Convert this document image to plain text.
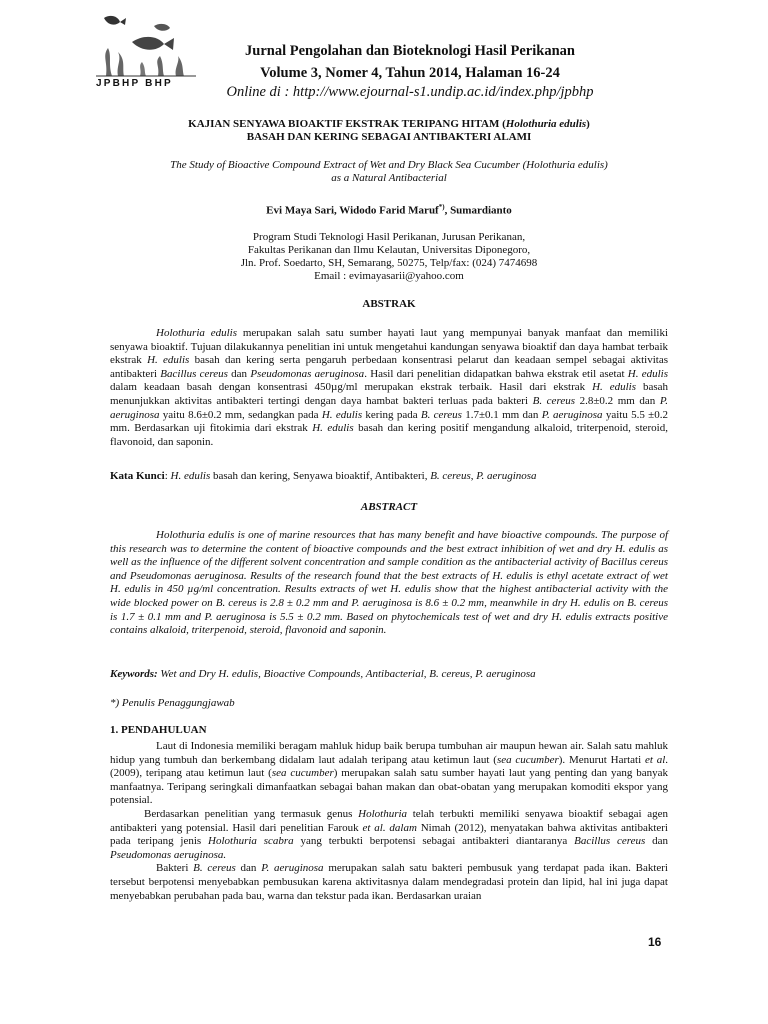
JPBHP BHP
Jurnal Pengolahan dan Bioteknologi Hasil Perikanan
Volume 3, Nomer 4, Tahun 2014, Halaman 16-24
Online di : http://www.ejournal-s1.undip.ac.id/index.php/jpbhp
KAJIAN SENYAWA BIOAKTIF EKSTRAK TERIPANG HITAM (Holothuria edulis)
BASAH DAN KERING SEBAGAI ANTIBAKTERI ALAMI
The Study of Bioactive Compound Extract of Wet and Dry Black Sea Cucumber (Holothuria edulis)
as a Natural Antibacterial
Evi Maya Sari, Widodo Farid Maruf*), Sumardianto
Program Studi Teknologi Hasil Perikanan, Jurusan Perikanan,
Fakultas Perikanan dan Ilmu Kelautan, Universitas Diponegoro,
Jln. Prof. Soedarto, SH, Semarang, 50275, Telp/fax: (024) 7474698
Email : evimayasarii@yahoo.com
ABSTRAK

Holothuria edulis merupakan salah satu sumber hayati laut yang mempunyai banyak manfaat dan memiliki senyawa bioaktif. Tujuan dilakukannya penelitian ini untuk mengetahui kandungan senyawa bioaktif dan daya hambat terbaik ekstrak H. edulis basah dan kering serta pengaruh perbedaan konsentrasi pelarut dan keadaan sempel sebagai aktivitas antibakteri Bacillus cereus dan Pseudomonas aeruginosa. Hasil dari penelitian didapatkan bahwa ekstrak etil asetat H. edulis dalam keadaan basah dengan konsentrasi 450µg/ml merupakan ekstrak terbaik. Hasil dari ekstrak H. edulis basah menunjukkan aktivitas antibakteri tertingi dengan daya hambat bakteri terluas pada bakteri B. cereus 2.8±0.2 mm dan P. aeruginosa yaitu 8.6±0.2 mm, sedangkan pada H. edulis kering pada B. cereus 1.7±0.1 mm dan P. aeruginosa yaitu 5.5 ±0.2 mm. Berdasarkan uji fitokimia dari ekstrak H. edulis basah dan kering positif mengandung alkaloid, triterpenoid, steroid, flavonoid, dan saponin.

Kata Kunci: H. edulis basah dan kering, Senyawa bioaktif, Antibakteri, B. cereus, P. aeruginosa

ABSTRACT

Holothuria edulis is one of marine resources that has many benefit and have bioactive compounds. The purpose of this research was to determine the content of bioactive compounds and the best extract inhibition of wet and dry H. edulis as well as the influence of the different solvent concentration and sample condition as the antibacterial activity of Bacillus cereus and Pseudomonas aeruginosa. Results of the research found that the best extracts of H. edulis is ethyl acetate extract of wet H. edulis in 450 µg/ml concentration. Results extracts of wet H. edulis show that the highest antibacterial activity with the wide blocked power on B. cereus is 2.8 ± 0.2 mm and P. aeruginosa is 8.6 ± 0.2 mm, meanwhile in dry H. edulis on B. cereus is 1.7 ± 0.1 mm and P. aeruginosa is 5.5 ± 0.2 mm. Based on phytochemicals test of wet and dry H. edulis extracts positive contains alkaloid, triterpenoid, steroid, flavonoid and saponin.

Keywords: Wet and Dry H. edulis, Bioactive Compounds, Antibacterial, B. cereus, P. aeruginosa

*) Penulis Penaggungjawab
1. PENDAHULUAN

Laut di Indonesia memiliki beragam mahluk hidup baik berupa tumbuhan air maupun hewan air. Salah satu mahluk hidup yang tumbuh dan berkembang didalam laut adalah teripang atau ketimun laut (sea cucumber). Menurut Hartati et al. (2009), teripang atau ketimun laut (sea cucumber) merupakan salah satu sumber hayati laut yang penting dan yang banyak manfaatnya. Teripang seringkali dimanfaatkan sebagai bahan makan dan obat-obatan yang merupakan komoditi ekspor yang potensial.

Berdasarkan penelitian yang termasuk genus Holothuria telah terbukti memiliki senyawa bioaktif sebagai agen antibakteri yang potensial. Hasil dari penelitian Farouk et al. dalam Nimah (2012), menyatakan bahwa aktivitas antibakteri pada teripang jenis Holothuria scabra yang terbukti berpotensi sebagai antibakteri diantaranya Bacillus cereus dan Pseudomonas aeruginosa.

Bakteri B. cereus dan P. aeruginosa merupakan salah satu bakteri pembusuk yang terdapat pada ikan. Bakteri tersebut berpotensi menyebabkan pembusukan karena aktivitasnya dalam mendegradasi protein dan lipid, hal ini juga dapat menyebabkan perubahan pada bau, warna dan tekstur pada ikan. Berdasarkan uraian

16
